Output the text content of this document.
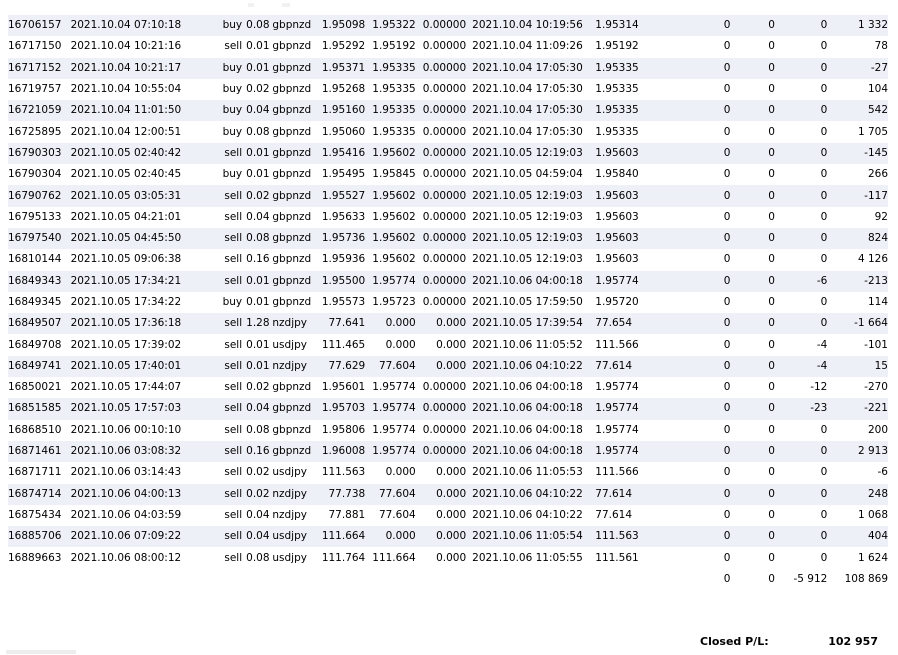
16706157	2021.10.04 07:10:18	buy	0.08	gbpnzd	1.95098	1.95322	0.00000	2021.10.04 10:19:56	1.95314	0	0	0	1 332
16717150	2021.10.04 10:21:16	sell	0.01	gbpnzd	1.95292	1.95192	0.00000	2021.10.04 11:09:26	1.95192	0	0	0	78
16717152	2021.10.04 10:21:17	buy	0.01	gbpnzd	1.95371	1.95335	0.00000	2021.10.04 17:05:30	1.95335	0	0	0	-27
16719757	2021.10.04 10:55:04	buy	0.02	gbpnzd	1.95268	1.95335	0.00000	2021.10.04 17:05:30	1.95335	0	0	0	104
16721059	2021.10.04 11:01:50	buy	0.04	gbpnzd	1.95160	1.95335	0.00000	2021.10.04 17:05:30	1.95335	0	0	0	542
16725895	2021.10.04 12:00:51	buy	0.08	gbpnzd	1.95060	1.95335	0.00000	2021.10.04 17:05:30	1.95335	0	0	0	1 705
16790303	2021.10.05 02:40:42	sell	0.01	gbpnzd	1.95416	1.95602	0.00000	2021.10.05 12:19:03	1.95603	0	0	0	-145
16790304	2021.10.05 02:40:45	buy	0.01	gbpnzd	1.95495	1.95845	0.00000	2021.10.05 04:59:04	1.95840	0	0	0	266
16790762	2021.10.05 03:05:31	sell	0.02	gbpnzd	1.95527	1.95602	0.00000	2021.10.05 12:19:03	1.95603	0	0	0	-117
16795133	2021.10.05 04:21:01	sell	0.04	gbpnzd	1.95633	1.95602	0.00000	2021.10.05 12:19:03	1.95603	0	0	0	92
16797540	2021.10.05 04:45:50	sell	0.08	gbpnzd	1.95736	1.95602	0.00000	2021.10.05 12:19:03	1.95603	0	0	0	824
16810144	2021.10.05 09:06:38	sell	0.16	gbpnzd	1.95936	1.95602	0.00000	2021.10.05 12:19:03	1.95603	0	0	0	4 126
16849343	2021.10.05 17:34:21	sell	0.01	gbpnzd	1.95500	1.95774	0.00000	2021.10.06 04:00:18	1.95774	0	0	-6	-213
16849345	2021.10.05 17:34:22	buy	0.01	gbpnzd	1.95573	1.95723	0.00000	2021.10.05 17:59:50	1.95720	0	0	0	114
16849507	2021.10.05 17:36:18	sell	1.28	nzdjpy	77.641	0.000	0.000	2021.10.05 17:39:54	77.654	0	0	0	-1 664
16849708	2021.10.05 17:39:02	sell	0.01	usdjpy	111.465	0.000	0.000	2021.10.06 11:05:52	111.566	0	0	-4	-101
16849741	2021.10.05 17:40:01	sell	0.01	nzdjpy	77.629	77.604	0.000	2021.10.06 04:10:22	77.614	0	0	-4	15
16850021	2021.10.05 17:44:07	sell	0.02	gbpnzd	1.95601	1.95774	0.00000	2021.10.06 04:00:18	1.95774	0	0	-12	-270
16851585	2021.10.05 17:57:03	sell	0.04	gbpnzd	1.95703	1.95774	0.00000	2021.10.06 04:00:18	1.95774	0	0	-23	-221
16868510	2021.10.06 00:10:10	sell	0.08	gbpnzd	1.95806	1.95774	0.00000	2021.10.06 04:00:18	1.95774	0	0	0	200
16871461	2021.10.06 03:08:32	sell	0.16	gbpnzd	1.96008	1.95774	0.00000	2021.10.06 04:00:18	1.95774	0	0	0	2 913
16871711	2021.10.06 03:14:43	sell	0.02	usdjpy	111.563	0.000	0.000	2021.10.06 11:05:53	111.566	0	0	0	-6
16874714	2021.10.06 04:00:13	sell	0.02	nzdjpy	77.738	77.604	0.000	2021.10.06 04:10:22	77.614	0	0	0	248
16875434	2021.10.06 04:03:59	sell	0.04	nzdjpy	77.881	77.604	0.000	2021.10.06 04:10:22	77.614	0	0	0	1 068
16885706	2021.10.06 07:09:22	sell	0.04	usdjpy	111.664	0.000	0.000	2021.10.06 11:05:54	111.563	0	0	0	404
16889663	2021.10.06 08:00:12	sell	0.08	usdjpy	111.764	111.664	0.000	2021.10.06 11:05:55	111.561	0	0	0	1 624
										0	0	-5 912	108 869
Closed P/L:	102 957
